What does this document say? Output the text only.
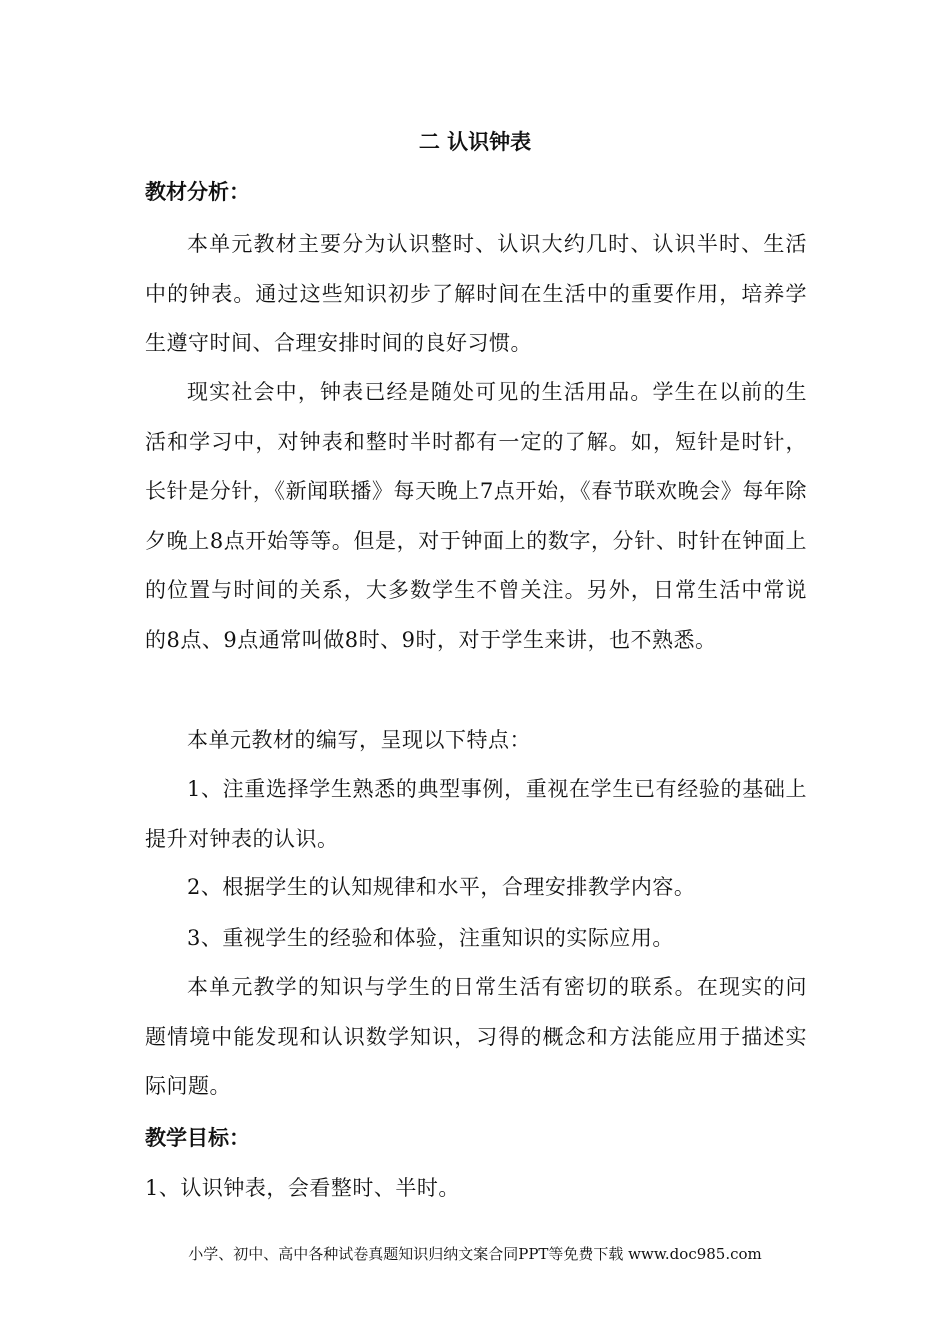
二 认识钟表
教材分析：

本单元教材主要分为认识整时、认识大约几时、认识半时、生活中的钟表。通过这些知识初步了解时间在生活中的重要作用，培养学生遵守时间、合理安排时间的良好习惯。

现实社会中，钟表已经是随处可见的生活用品。学生在以前的生活和学习中，对钟表和整时半时都有一定的了解。如，短针是时针，长针是分针，《新闻联播》每天晚上7点开始，《春节联欢晚会》每年除夕晚上8点开始等等。但是，对于钟面上的数字，分针、时针在钟面上的位置与时间的关系，大多数学生不曾关注。另外，日常生活中常说的8点、9点通常叫做8时、9时，对于学生来讲，也不熟悉。

本单元教材的编写，呈现以下特点：

1、注重选择学生熟悉的典型事例，重视在学生已有经验的基础上提升对钟表的认识。

2、根据学生的认知规律和水平，合理安排教学内容。

3、重视学生的经验和体验，注重知识的实际应用。

本单元教学的知识与学生的日常生活有密切的联系。在现实的问题情境中能发现和认识数学知识，习得的概念和方法能应用于描述实际问题。

教学目标：

1、认识钟表，会看整时、半时。

小学、初中、高中各种试卷真题知识归纳文案合同PPT等免费下载 www.doc985.com
